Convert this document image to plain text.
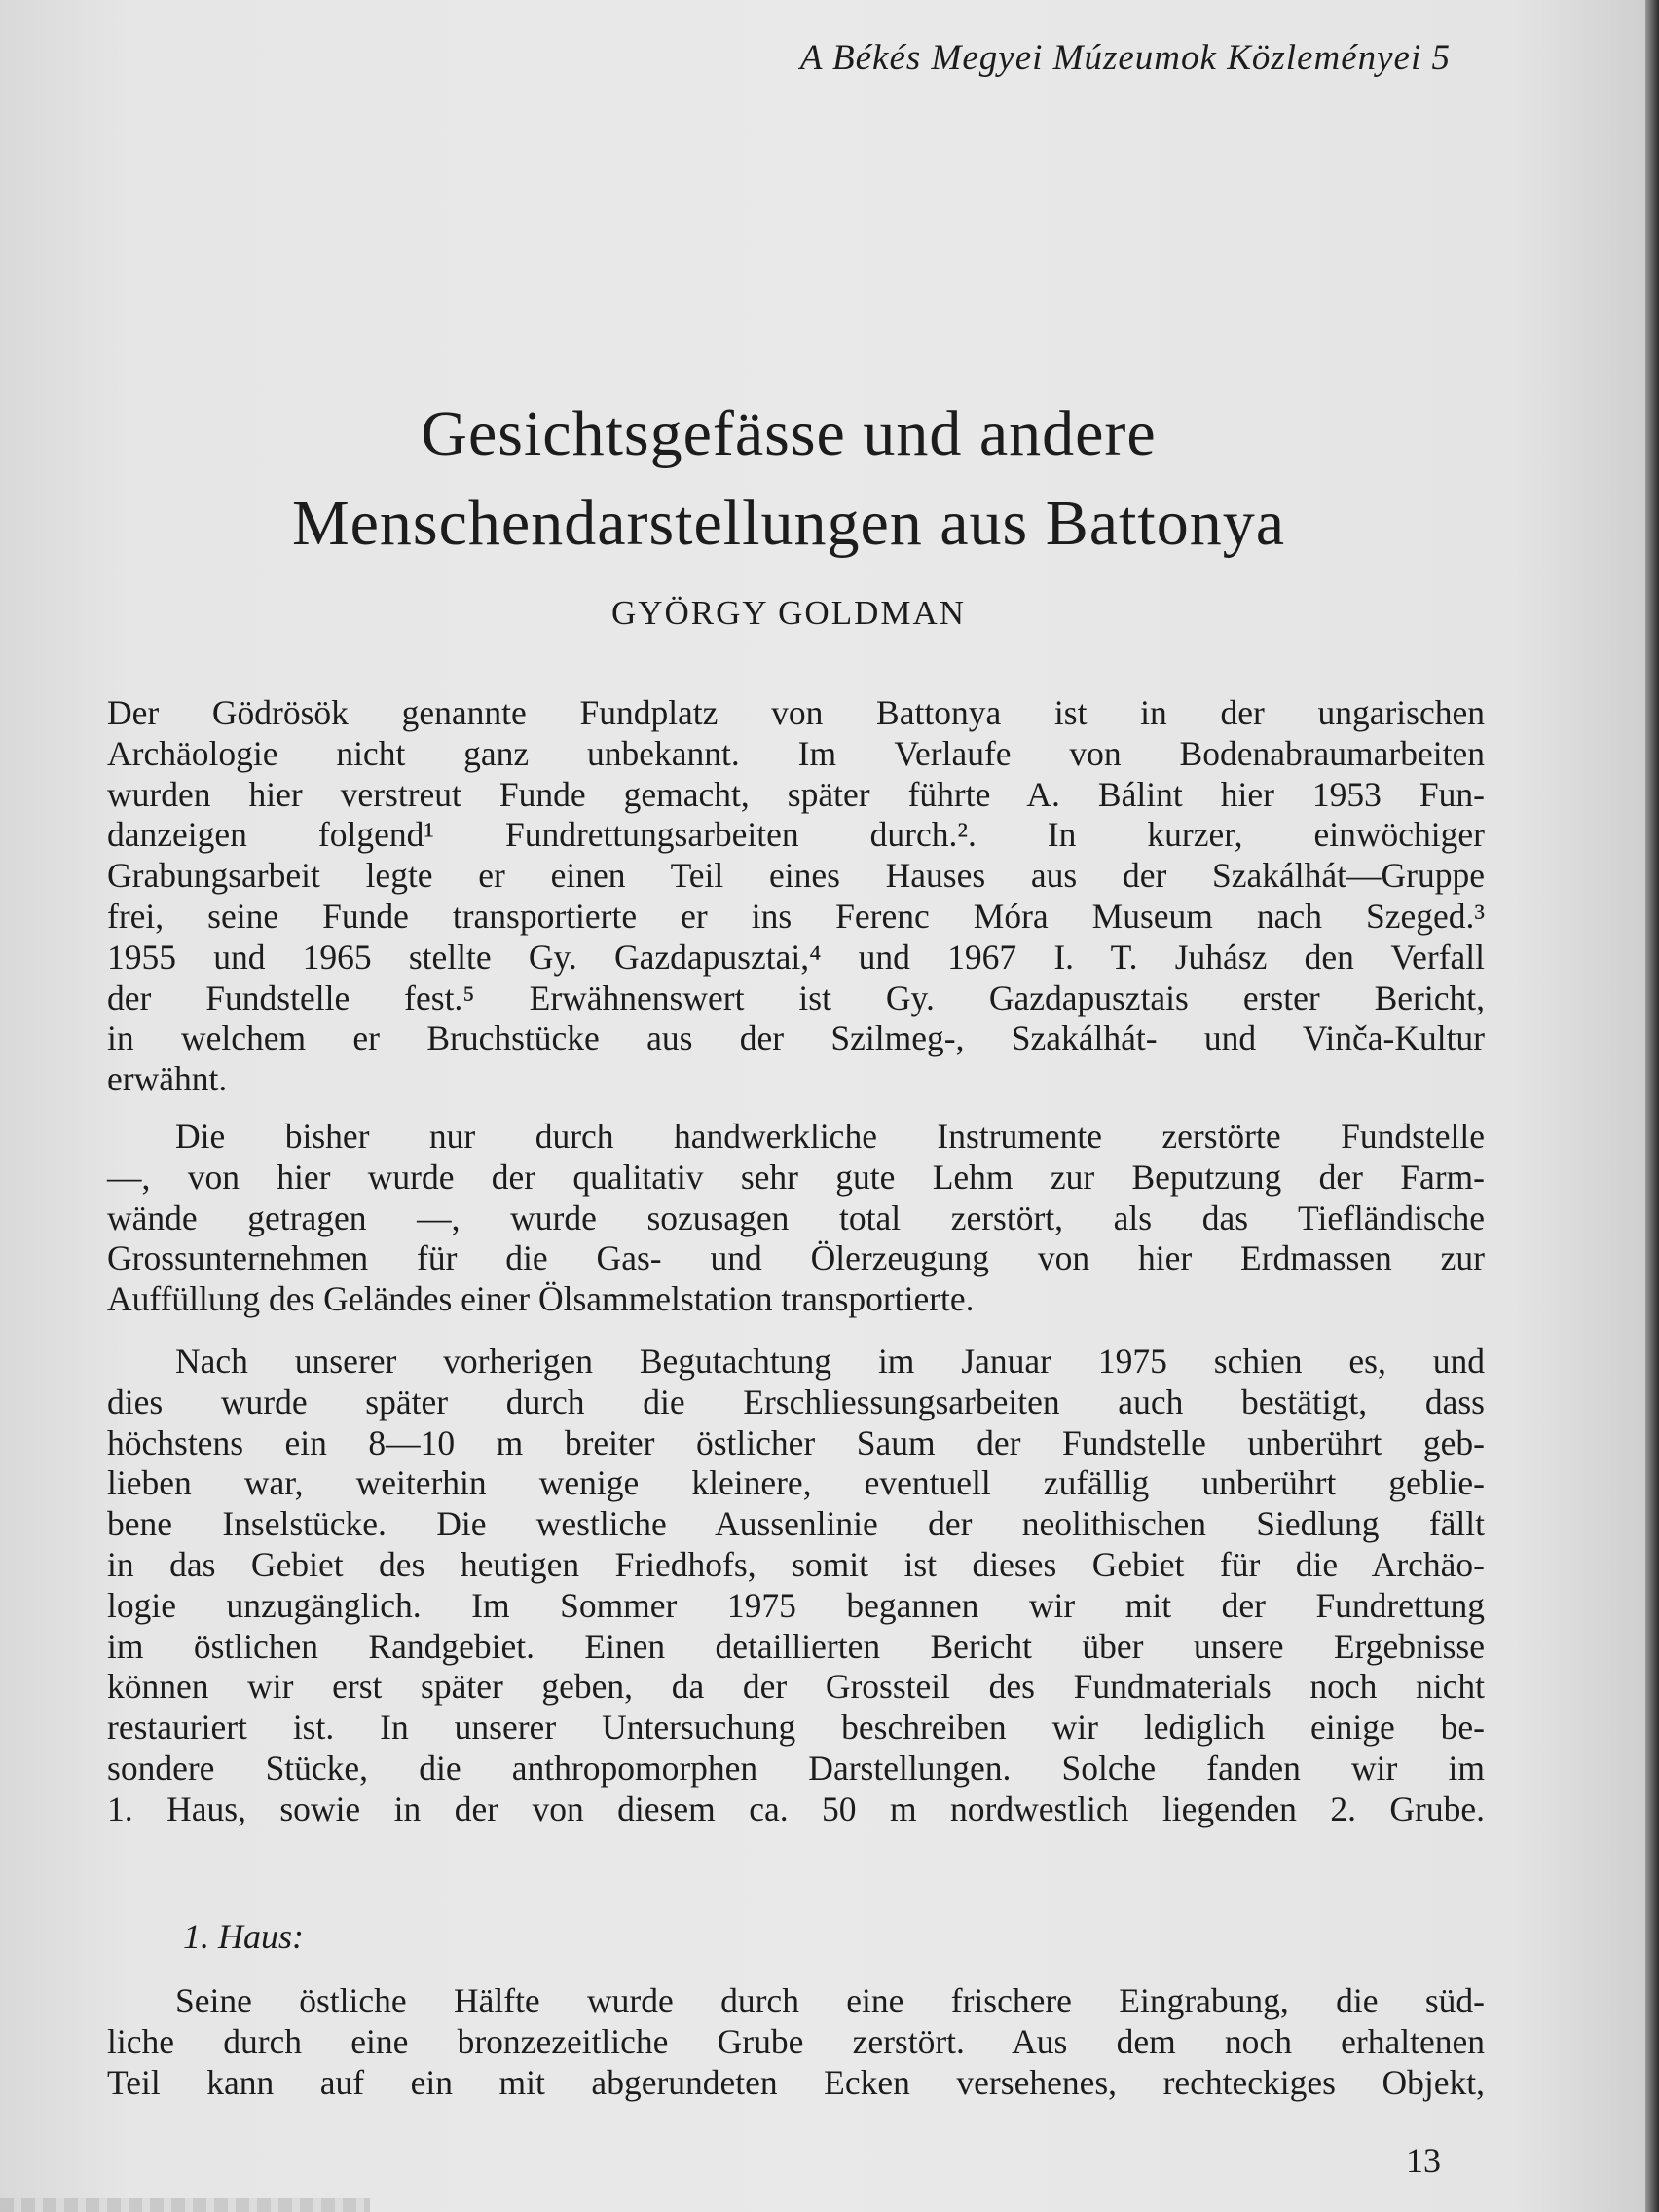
A Békés Megyei Múzeumok Közleményei 5
Gesichtsgefässe und andere
Menschendarstellungen aus Battonya
GYÖRGY GOLDMAN

Der Gödrösök genannte Fundplatz von Battonya ist in der ungarischen

Archäologie nicht ganz unbekannt. Im Verlaufe von Bodenabraumarbeiten

wurden hier verstreut Funde gemacht, später führte A. Bálint hier 1953 Fun-

danzeigen folgend¹ Fundrettungsarbeiten durch.². In kurzer, einwöchiger

Grabungsarbeit legte er einen Teil eines Hauses aus der Szakálhát—Gruppe

frei, seine Funde transportierte er ins Ferenc Móra Museum nach Szeged.³

1955 und 1965 stellte Gy. Gazdapusztai,⁴ und 1967 I. T. Juhász den Verfall

der Fundstelle fest.⁵ Erwähnenswert ist Gy. Gazdapusztais erster Bericht,

in welchem er Bruchstücke aus der Szilmeg-, Szakálhát- und Vinča-Kultur

erwähnt.

Die bisher nur durch handwerkliche Instrumente zerstörte Fundstelle

—, von hier wurde der qualitativ sehr gute Lehm zur Beputzung der Farm-

wände getragen —, wurde sozusagen total zerstört, als das Tiefländische

Grossunternehmen für die Gas- und Ölerzeugung von hier Erdmassen zur

Auffüllung des Geländes einer Ölsammelstation transportierte.

Nach unserer vorherigen Begutachtung im Januar 1975 schien es, und

dies wurde später durch die Erschliessungsarbeiten auch bestätigt, dass

höchstens ein 8—10 m breiter östlicher Saum der Fundstelle unberührt geb-

lieben war, weiterhin wenige kleinere, eventuell zufällig unberührt geblie-

bene Inselstücke. Die westliche Aussenlinie der neolithischen Siedlung fällt

in das Gebiet des heutigen Friedhofs, somit ist dieses Gebiet für die Archäo-

logie unzugänglich. Im Sommer 1975 begannen wir mit der Fundrettung

im östlichen Randgebiet. Einen detaillierten Bericht über unsere Ergebnisse

können wir erst später geben, da der Grossteil des Fundmaterials noch nicht

restauriert ist. In unserer Untersuchung beschreiben wir lediglich einige be-

sondere Stücke, die anthropomorphen Darstellungen. Solche fanden wir im

1. Haus, sowie in der von diesem ca. 50 m nordwestlich liegenden 2. Grube.

1. Haus:

Seine östliche Hälfte wurde durch eine frischere Eingrabung, die süd-

liche durch eine bronzezeitliche Grube zerstört. Aus dem noch erhaltenen

Teil kann auf ein mit abgerundeten Ecken versehenes, rechteckiges Objekt,

13
